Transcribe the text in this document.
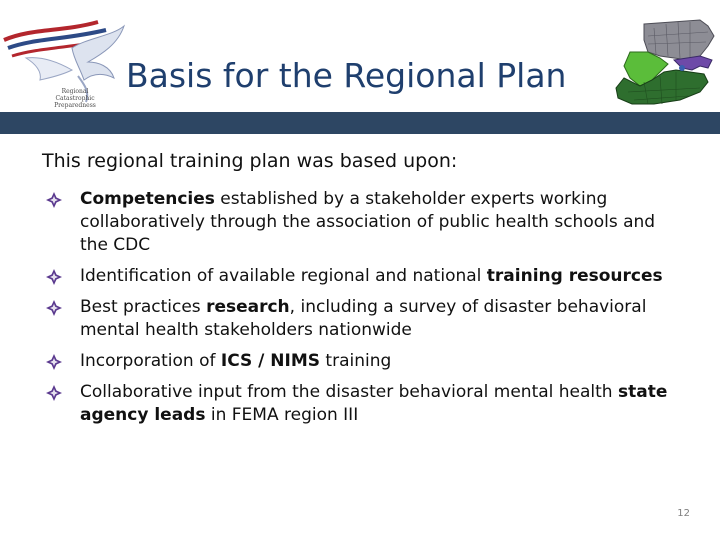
Regional
Catastrophic
Preparedness
Basis for the Regional Plan
This regional training plan was based upon:
Competencies established by a stakeholder experts working collaboratively through the association of public health schools and the CDC
Identification of available regional and national training resources
Best practices research, including a survey of disaster behavioral mental health stakeholders nationwide
Incorporation of ICS / NIMS training
Collaborative input from the disaster behavioral mental health state agency leads in FEMA region III
12
